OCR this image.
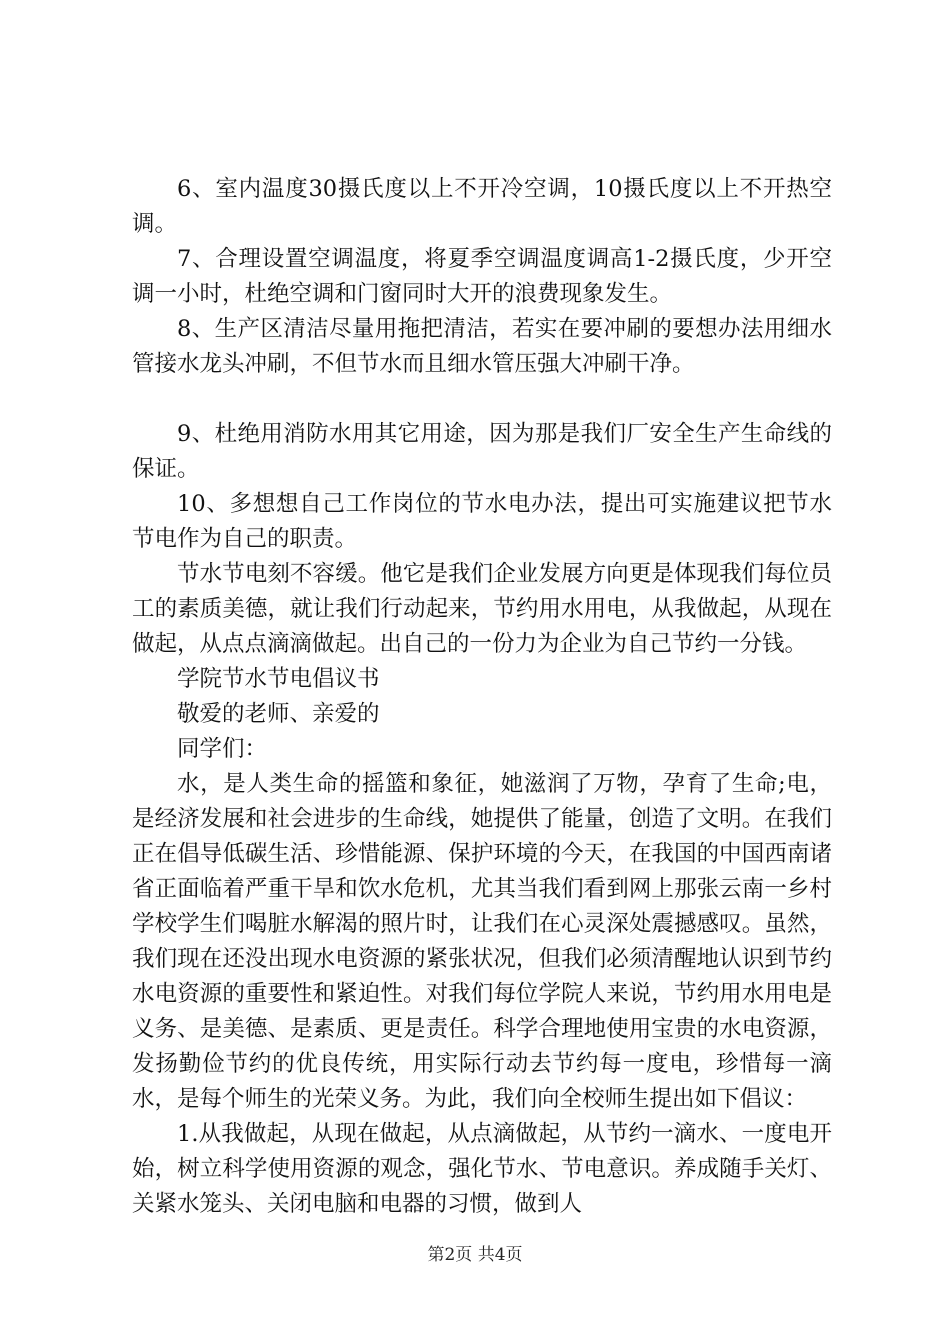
6、室内温度30摄氏度以上不开冷空调，10摄氏度以上不开热空调。

7、合理设置空调温度，将夏季空调温度调高1-2摄氏度，少开空调一小时，杜绝空调和门窗同时大开的浪费现象发生。

8、生产区清洁尽量用拖把清洁，若实在要冲刷的要想办法用细水管接水龙头冲刷，不但节水而且细水管压强大冲刷干净。

9、杜绝用消防水用其它用途，因为那是我们厂安全生产生命线的保证。

10、多想想自己工作岗位的节水电办法，提出可实施建议把节水节电作为自己的职责。

节水节电刻不容缓。他它是我们企业发展方向更是体现我们每位员工的素质美德，就让我们行动起来，节约用水用电，从我做起，从现在做起，从点点滴滴做起。出自己的一份力为企业为自己节约一分钱。

学院节水节电倡议书

敬爱的老师、亲爱的

同学们：

水，是人类生命的摇篮和象征，她滋润了万物，孕育了生命;电，是经济发展和社会进步的生命线，她提供了能量，创造了文明。在我们正在倡导低碳生活、珍惜能源、保护环境的今天，在我国的中国西南诸省正面临着严重干旱和饮水危机，尤其当我们看到网上那张云南一乡村学校学生们喝脏水解渴的照片时，让我们在心灵深处震撼感叹。虽然，我们现在还没出现水电资源的紧张状况，但我们必须清醒地认识到节约水电资源的重要性和紧迫性。对我们每位学院人来说，节约用水用电是义务、是美德、是素质、更是责任。科学合理地使用宝贵的水电资源，发扬勤俭节约的优良传统，用实际行动去节约每一度电，珍惜每一滴水，是每个师生的光荣义务。为此，我们向全校师生提出如下倡议：

1.从我做起，从现在做起，从点滴做起，从节约一滴水、一度电开始，树立科学使用资源的观念，强化节水、节电意识。养成随手关灯、关紧水笼头、关闭电脑和电器的习惯，做到人

第2页 共4页
